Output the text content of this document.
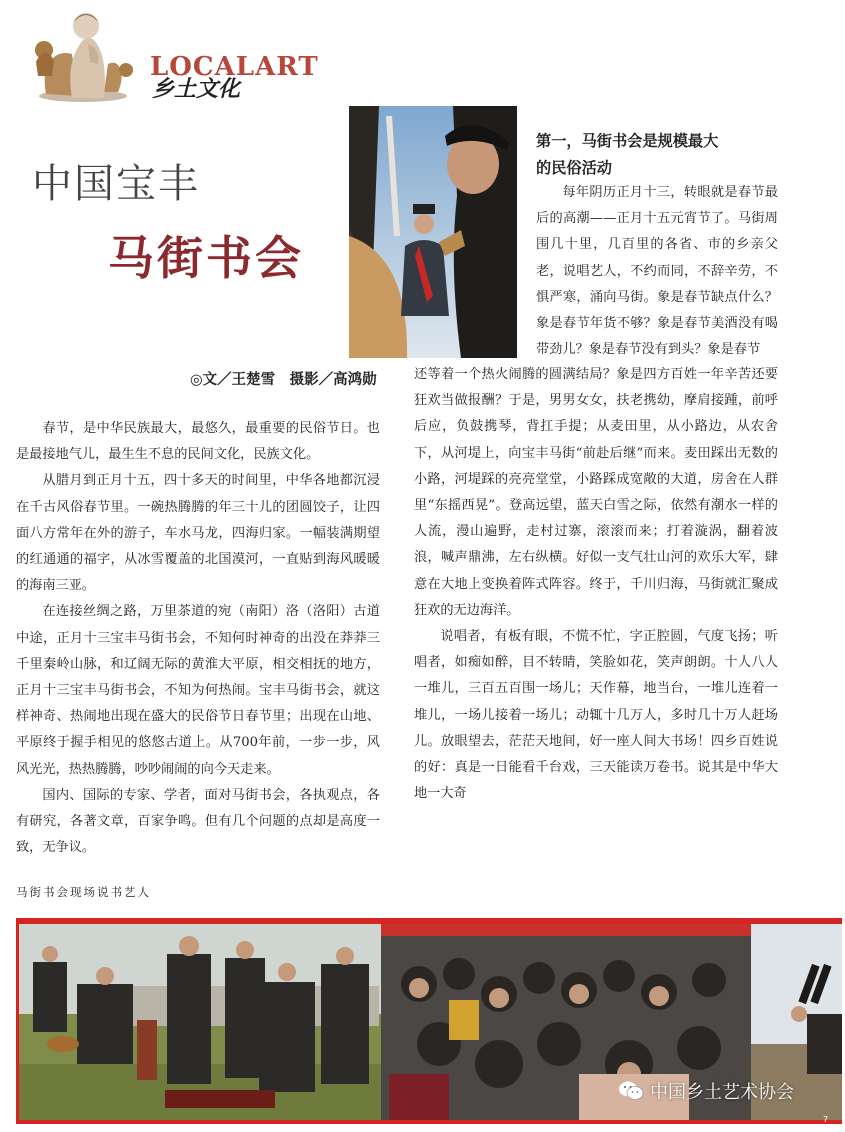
LOCALART
乡土文化
中国宝丰
马街书会
◎文／王楚雪　摄影／高鸿勋
第一，马街书会是规模最大
的民俗活动

每年阴历正月十三，转眼就是春节最后的高潮——正月十五元宵节了。马街周围几十里，几百里的各省、市的乡亲父老，说唱艺人，不约而同，不辞辛劳，不惧严寒，涌向马街。象是春节缺点什么？象是春节年货不够？象是春节美酒没有喝带劲儿？象是春节没有到头？象是春节

春节，是中华民族最大，最悠久，最重要的民俗节日。也是最接地气儿，最生生不息的民间文化，民族文化。

从腊月到正月十五，四十多天的时间里，中华各地都沉浸在千古风俗春节里。一碗热腾腾的年三十儿的团圆饺子，让四面八方常年在外的游子，车水马龙，四海归家。一幅装满期望的红通通的福字，从冰雪覆盖的北国漠河，一直贴到海风暖暖的海南三亚。

在连接丝绸之路，万里茶道的宛（南阳）洛（洛阳）古道中途，正月十三宝丰马街书会，不知何时神奇的出没在莽莽三千里秦岭山脉，和辽阔无际的黄淮大平原，相交相抚的地方，正月十三宝丰马街书会，不知为何热闹。宝丰马街书会，就这样神奇、热闹地出现在盛大的民俗节日春节里；出现在山地、平原终于握手相见的悠悠古道上。从700年前，一步一步，风风光光，热热腾腾，吵吵闹闹的向今天走来。

国内、国际的专家、学者，面对马街书会，各执观点，各有研究，各著文章，百家争鸣。但有几个问题的点却是高度一致，无争议。

还等着一个热火闹腾的圆满结局？象是四方百姓一年辛苦还要狂欢当做报酬？于是，男男女女，扶老携幼，摩肩接踵，前呼后应，负鼓携琴，背扛手提；从麦田里，从小路边，从农舍下，从河堤上，向宝丰马街“前赴后继”而来。麦田踩出无数的小路，河堤踩的亮亮堂堂，小路踩成宽敞的大道，房舍在人群里“东摇西晃”。登高远望，蓝天白雪之际，依然有潮水一样的人流，漫山遍野，走村过寨，滚滚而来；打着漩涡，翻着波浪，喊声鼎沸，左右纵横。好似一支气壮山河的欢乐大军，肆意在大地上变换着阵式阵容。终于，千川归海，马街就汇聚成狂欢的无边海洋。

说唱者，有板有眼，不慌不忙，字正腔圆，气度飞扬；听唱者，如痴如醉，目不转睛，笑脸如花，笑声朗朗。十人八人一堆儿，三百五百围一场儿；天作幕，地当台，一堆儿连着一堆儿，一场儿接着一场儿；动辄十几万人，多时几十万人赶场儿。放眼望去，茫茫天地间，好一座人间大书场！四乡百姓说的好：真是一日能看千台戏，三天能读万卷书。说其是中华大地一大奇

马街书会现场说书艺人
中国乡土艺术协会
7
